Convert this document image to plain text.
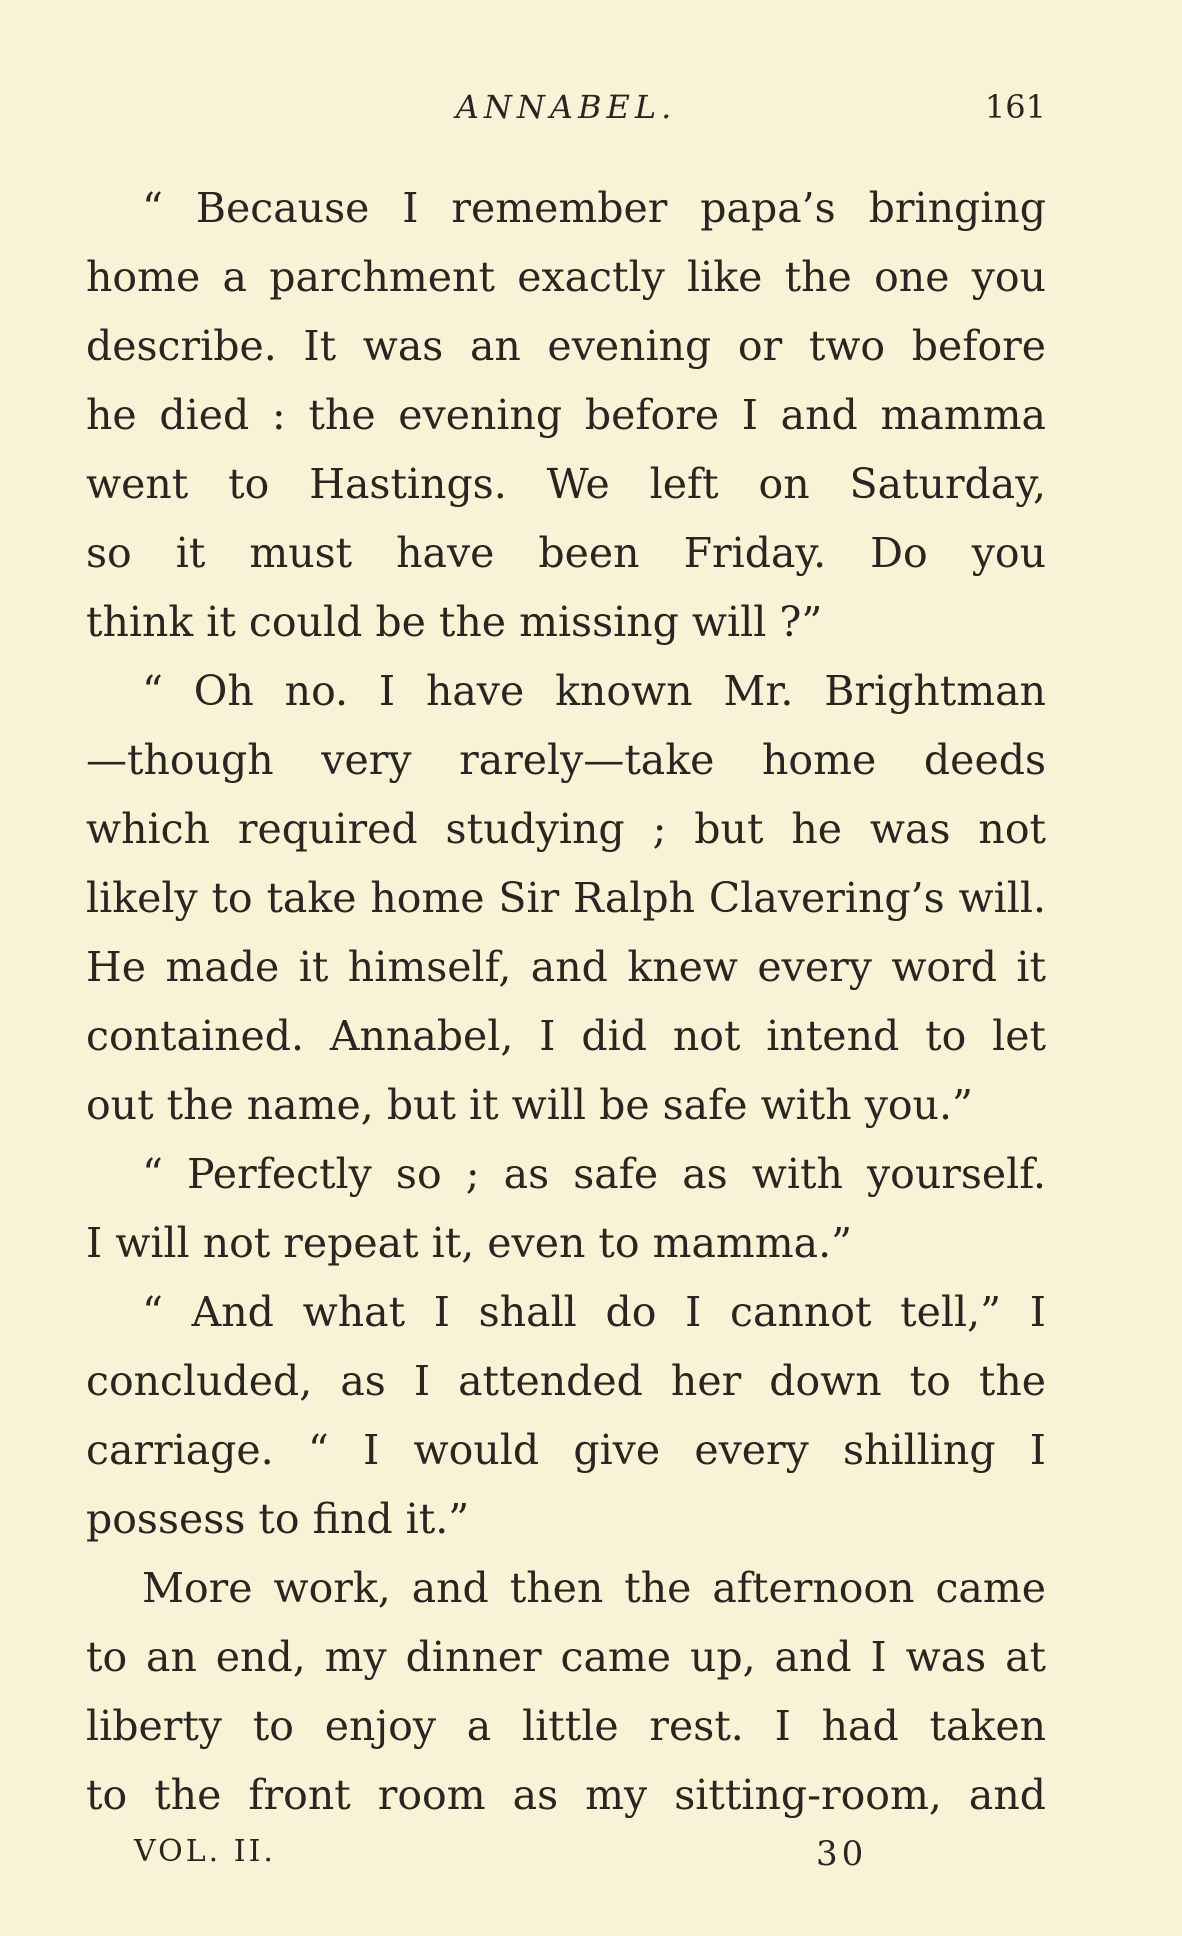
ANNABEL.	161
“ Because I remember papa’s bringing
home a parchment exactly like the one you
describe. It was an evening or two before
he died : the evening before I and mamma
went to Hastings. We left on Saturday,
so it must have been Friday. Do you
think it could be the missing will ?”
“ Oh no. I have known Mr. Brightman
—though very rarely—take home deeds
which required studying ; but he was not
likely to take home Sir Ralph Clavering’s will.
He made it himself, and knew every word it
contained. Annabel, I did not intend to let
out the name, but it will be safe with you.”
“ Perfectly so ; as safe as with yourself.
I will not repeat it, even to mamma.”
“ And what I shall do I cannot tell,” I
concluded, as I attended her down to the
carriage. “ I would give every shilling I
possess to find it.”
More work, and then the afternoon came
to an end, my dinner came up, and I was at
liberty to enjoy a little rest. I had taken
to the front room as my sitting-room, and
VOL. II.	30
